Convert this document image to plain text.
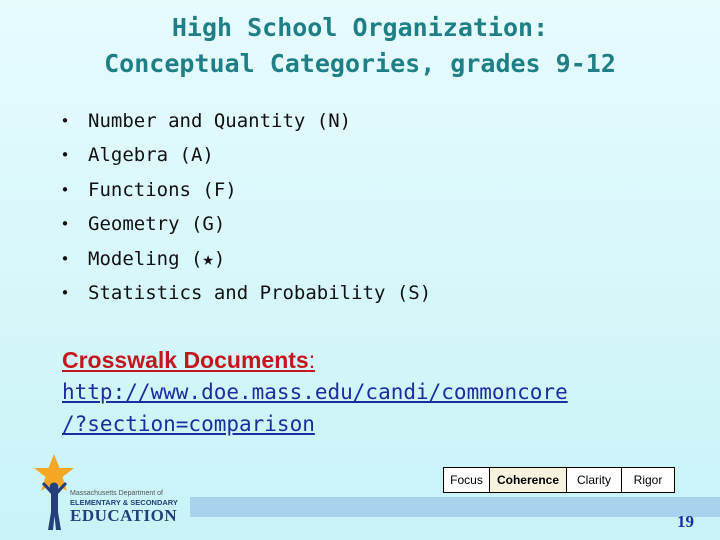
High School Organization:
Conceptual Categories, grades 9-12
• Number and Quantity (N)
• Algebra (A)
• Functions (F)
• Geometry (G)
• Modeling (★)
• Statistics and Probability (S)
Crosswalk Documents:
http://www.doe.mass.edu/candi/commoncore
/?section=comparison
Focus	Coherence	Clarity	Rigor
Massachusetts Department of
ELEMENTARY & SECONDARY
EDUCATION	19
